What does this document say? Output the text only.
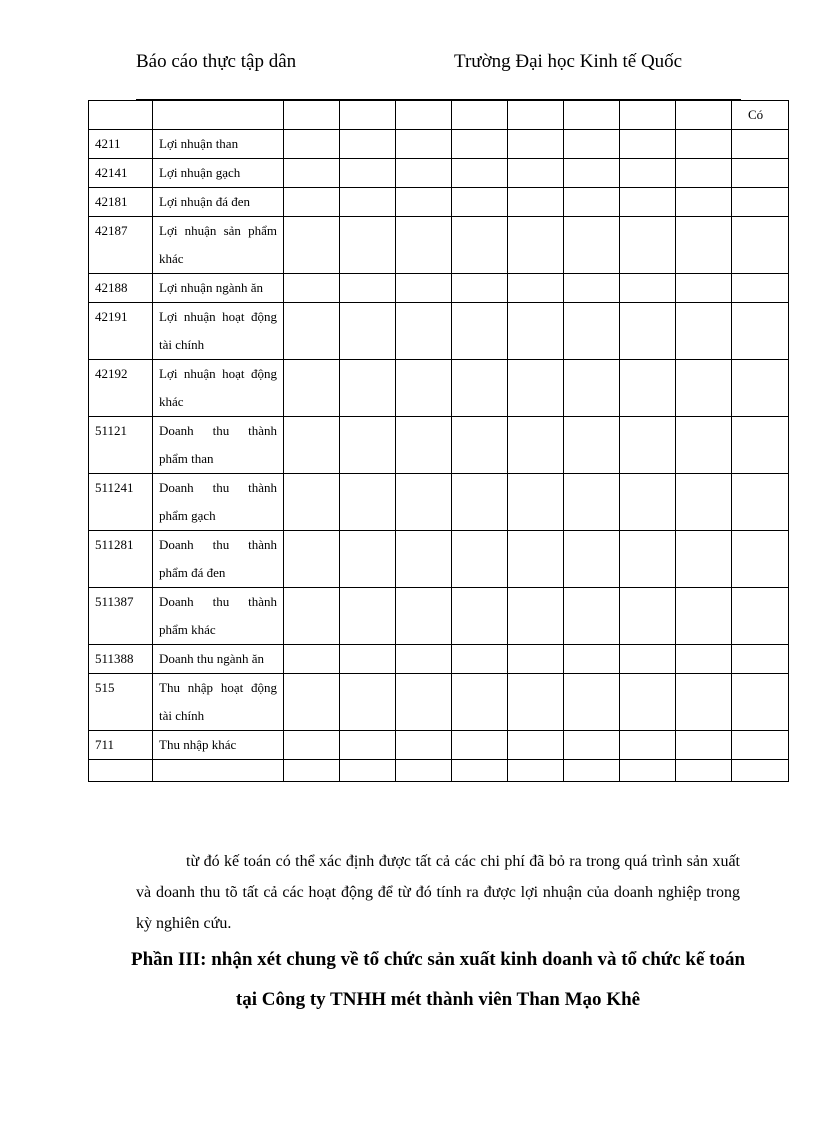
Báo cáo thực tập dân	Trường Đại học Kinh tế Quốc
										Có
4211	Lợi nhuận than									
42141	Lợi nhuận gạch									
42181	Lợi nhuận đá đen									
42187	Lợi nhuận sản phẩm khác									
42188	Lợi nhuận ngành ăn									
42191	Lợi nhuận hoạt động tài chính									
42192	Lợi nhuận hoạt động khác									
51121	Doanh thu thành phẩm than									
511241	Doanh thu thành phẩm gạch									
511281	Doanh thu thành phẩm đá đen									
511387	Doanh thu thành phẩm khác									
511388	Doanh thu ngành ăn									
515	Thu nhập hoạt động tài chính									
711	Thu nhập khác									

từ đó kế toán có thể xác định được tất cả các chi phí đã bỏ ra trong quá trình sản xuất và doanh thu tõ tất cả các hoạt động để từ đó tính ra được lợi nhuận của doanh nghiệp trong kỳ nghiên cứu.
Phần III: nhận xét chung về tổ chức sản xuất kinh doanh và tổ chức kế toán tại Công ty TNHH mét thành viên Than Mạo Khê
